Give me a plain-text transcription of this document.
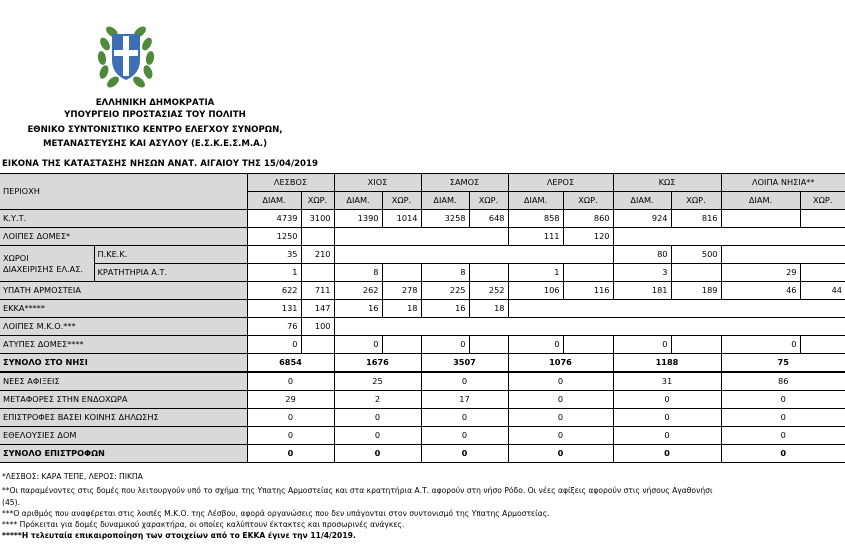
ΕΛΛΗΝΙΚΗ ΔΗΜΟΚΡΑΤΙΑ
ΥΠΟΥΡΓΕΙΟ ΠΡΟΣΤΑΣΙΑΣ ΤΟΥ ΠΟΛΙΤΗ
ΕΘΝΙΚΟ ΣΥΝΤΟΝΙΣΤΙΚΟ ΚΕΝΤΡΟ ΕΛΕΓΧΟΥ ΣΥΝΟΡΩΝ,
ΜΕΤΑΝΑΣΤΕΥΣΗΣ ΚΑΙ ΑΣΥΛΟΥ (Ε.Σ.Κ.Ε.Σ.Μ.Α.)
ΕΙΚΟΝΑ ΤΗΣ ΚΑΤΑΣΤΑΣΗΣ ΝΗΣΩΝ ΑΝΑΤ. ΑΙΓΑΙΟΥ ΤΗΣ 15/04/2019
ΠΕΡΙΟΧΗ		ΛΕΣΒΟΣ		ΧΙΟΣ		ΣΑΜΟΣ		ΛΕΡΟΣ		ΚΩΣ		ΛΟΙΠΑ ΝΗΣΙΑ**	
		ΔΙΑΜ.	ΧΩΡ.	ΔΙΑΜ.	ΧΩΡ.	ΔΙΑΜ.	ΧΩΡ.	ΔΙΑΜ.	ΧΩΡ.	ΔΙΑΜ.	ΧΩΡ.	ΔΙΑΜ.	ΧΩΡ.
Κ.Υ.Τ.		4739	3100	1390	1014	3258	648	858	860	924	816		
ΛΟΙΠΕΣ ΔΟΜΕΣ*		1250						111	120				

ΧΩΡΟΙ
ΔΙΑΧΕΙΡΙΣΗΣ ΕΛ.ΑΣ.	Π.ΚΕ.Κ.	35	210							80	500		
	ΚΡΑΤΗΤΗΡΙΑ Α.Τ.	1		8		8		1		3		29	
ΥΠΑΤΗ ΑΡΜΟΣΤΕΙΑ		622	711	262	278	225	252	106	116	181	189	46	44
ΕΚΚΑ*****		131	147	16	18	16	18						
ΛΟΙΠΕΣ Μ.Κ.Ο.***		76	100										
ΑΤΥΠΕΣ ΔΟΜΕΣ****		0		0		0		0		0		0	
ΣΥΝΟΛΟ ΣΤΟ ΝΗΣΙ		6854		1676		3507		1076		1188		75	
ΝΕΕΣ ΑΦΙΞΕΙΣ		0		25		0		0		31		86	
ΜΕΤΑΦΟΡΕΣ ΣΤΗΝ ΕΝΔΟΧΩΡΑ		29		2		17		0		0		0	
ΕΠΙΣΤΡΟΦΕΣ ΒΑΣΕΙ ΚΟΙΝΗΣ ΔΗΛΩΣΗΣ		0		0		0		0		0		0	
ΕΘΕΛΟΥΣΙΕΣ ΔΟΜ		0		0		0		0		0		0	
ΣΥΝΟΛΟ ΕΠΙΣΤΡΟΦΩΝ		0		0		0		0		0		0	
*ΛΕΣΒΟΣ: ΚΑΡΑ ΤΕΠΕ, ΛΕΡΟΣ: ΠΙΚΠΑ
**Οι παραμένοντες στις δομές που λειτουργούν υπό το σχήμα της Υπατης Αρμοστείας και στα κρατητήρια Α.Τ. αφορούν στη νήσο Ρόδο. Οι νέες αφίξεις αφορούν στις νήσους Αγαθονήσι
(45).
***Ο αριθμός που αναφέρεται στις λοιπές Μ.Κ.Ο. της Λέσβου, αφορά οργανώσεις που δεν υπάγονται στον συντονισμό της Υπατης Αρμοστείας.
**** Πρόκειται για δομές δυναμικού χαρακτήρα, οι οποίες καλύπτουν έκτακτες και προσωρινές ανάγκες.
*****Η τελευταία επικαιροποίηση των στοιχείων από το ΕΚΚΑ έγινε την 11/4/2019.
